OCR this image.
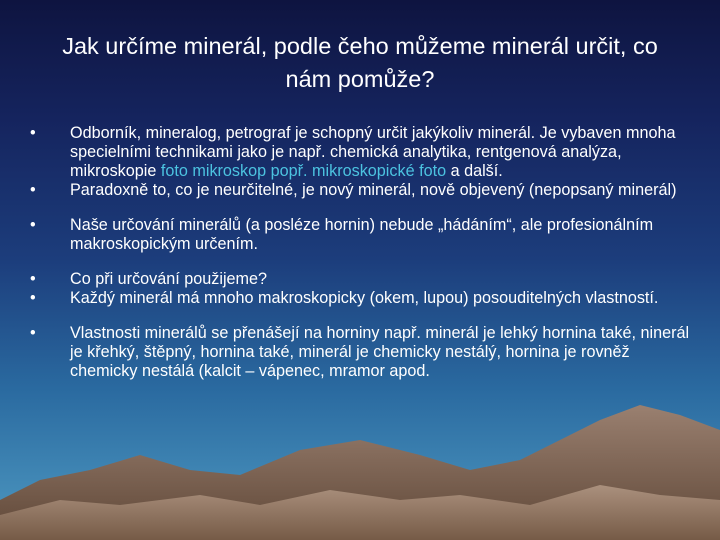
Jak určíme minerál, podle čeho můžeme minerál určit, co nám pomůže?
• Odborník, mineralog, petrograf je schopný určit jakýkoliv minerál. Je vybaven mnoha specielními technikami jako je např. chemická analytika, rentgenová analýza, mikroskopie foto mikroskop popř. mikroskopické foto a další.
• Paradoxně to, co je neurčitelné, je nový minerál, nově objevený (nepopsaný minerál)
• Naše určování minerálů (a posléze hornin) nebude „hádáním“, ale profesionálním makroskopickým určením.
• Co při určování použijeme?
• Každý minerál má mnoho makroskopicky (okem, lupou) posouditelných vlastností.
• Vlastnosti minerálů se přenášejí na horniny např. minerál je lehký hornina také, ninerál je křehký, štěpný, hornina také, minerál je chemicky nestálý, hornina je rovněž chemicky nestálá (kalcit – vápenec, mramor apod.
